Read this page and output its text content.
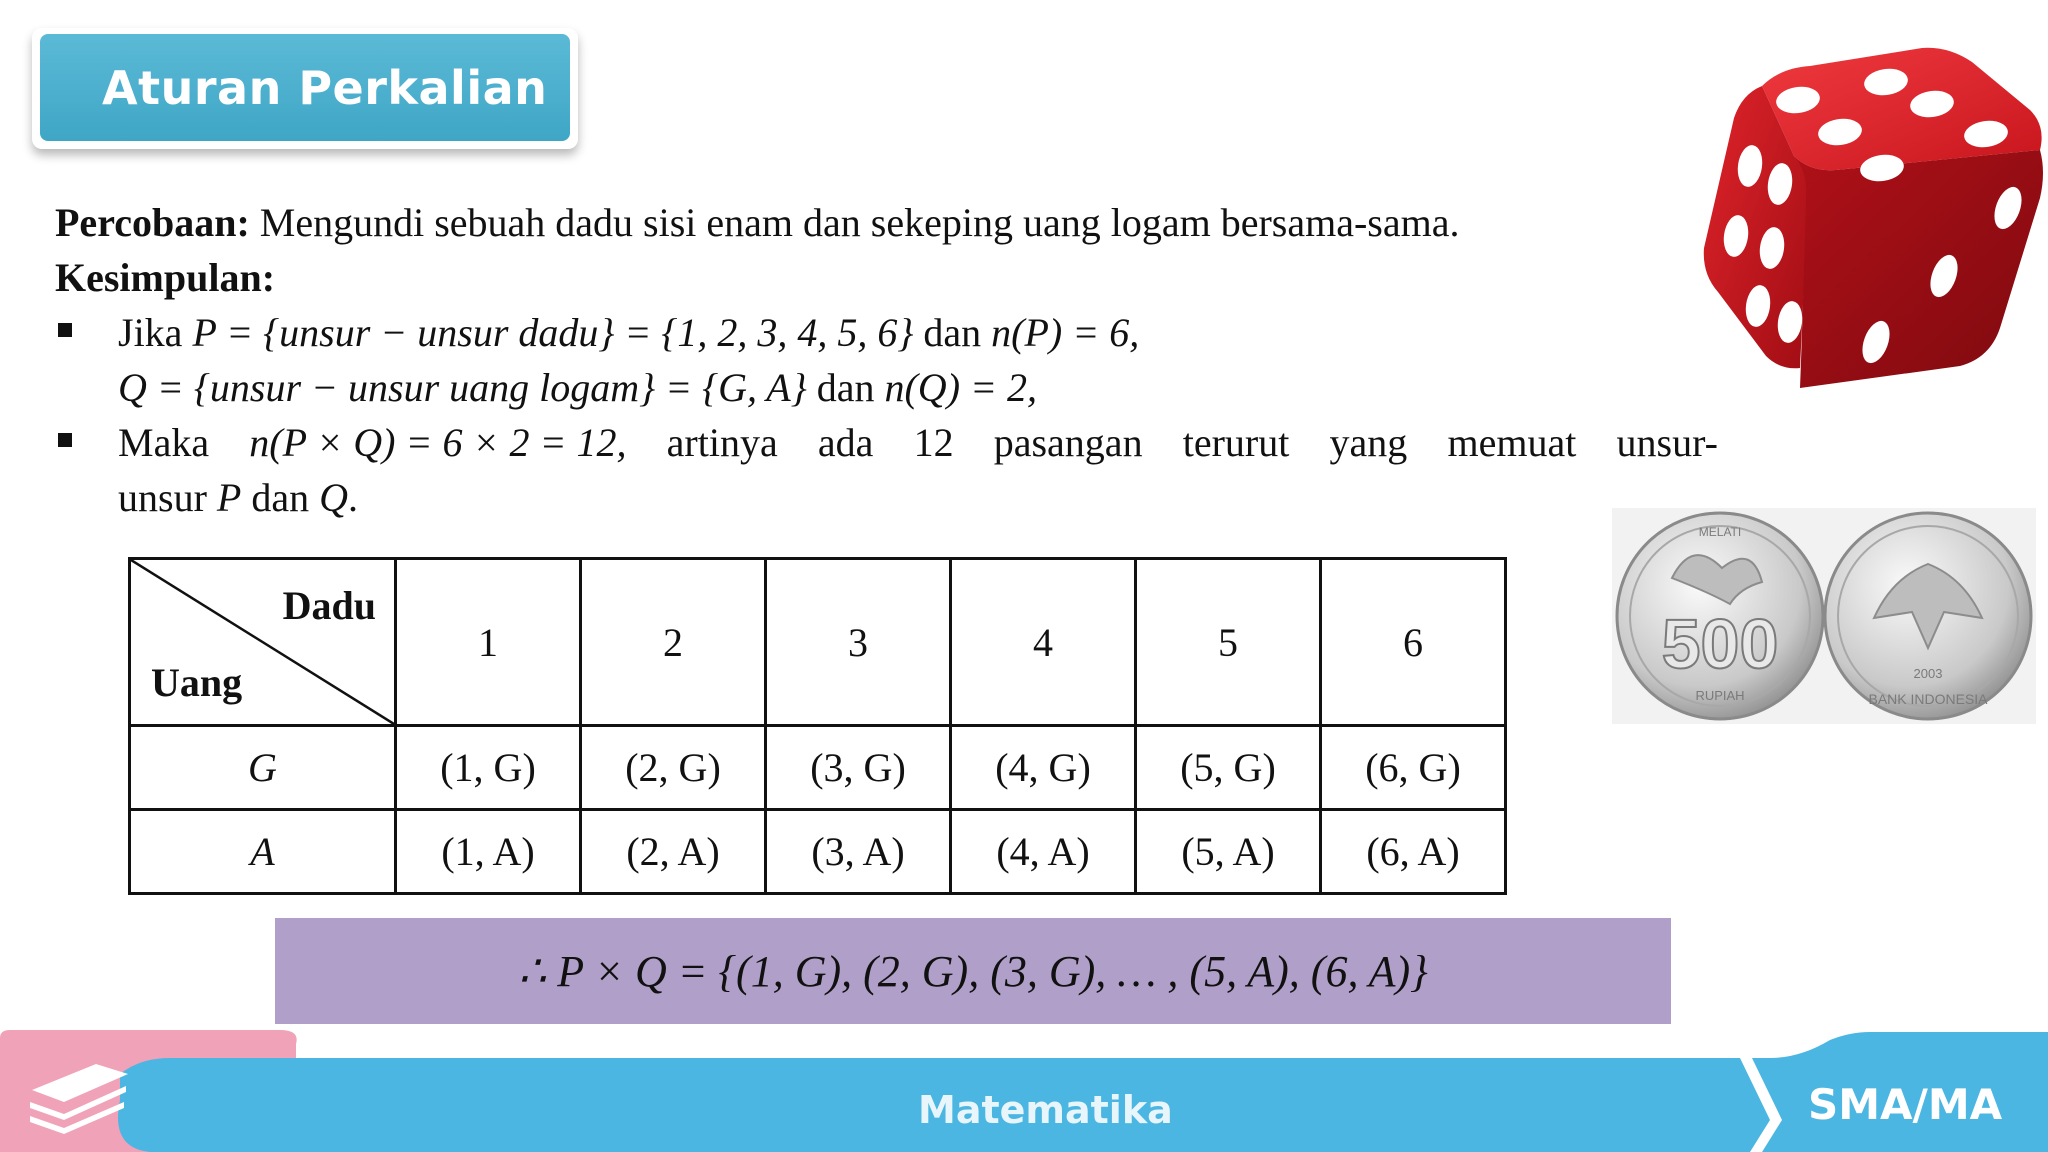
Aturan Perkalian
500
RUPIAH
MELATI
2003
BANK INDONESIA
Percobaan: Mengundi sebuah dadu sisi enam dan sekeping uang logam bersama-sama.
Kesimpulan:
Jika P = {unsur − unsur dadu} = {1, 2, 3, 4, 5, 6} dan n(P) = 6,
Q = {unsur − unsur uang logam} = {G, A} dan n(Q) = 2,
Maka n(P × Q) = 6 × 2 = 12, artinya ada 12 pasangan terurut yang memuat unsur-
unsur P dan Q.
Dadu
Uang	1	2	3	4	5	6
G	(1, G)	(2, G)	(3, G)	(4, G)	(5, G)	(6, G)
A	(1, A)	(2, A)	(3, A)	(4, A)	(5, A)	(6, A)
∴ P × Q = {(1, G), (2, G), (3, G), … , (5, A), (6, A)}
Matematika	SMA/MA
